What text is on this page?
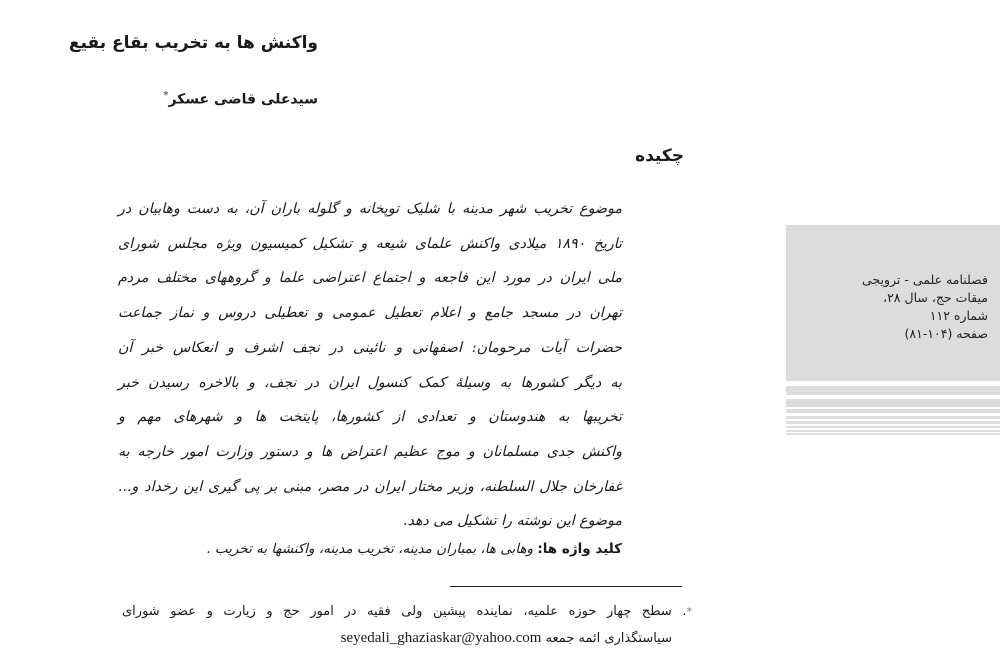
واکنش ها به تخریب بقاع بقیع
سیدعلی قاضی عسکر*
چکیده
موضوع تخریب شهر مدینه با شلیک توپخانه و گلوله باران آن، به دست وهابیان در
تاریخ ۱۸۹۰ میلادی واکنش علمای شیعه و تشکیل کمیسیون ویژه مجلس شورای
ملی ایران در مورد این فاجعه و اجتماع اعتراضی علما و گروههای مختلف مردم
تهران در مسجد جامع و اعلام تعطیل عمومی و تعطیلی دروس و نماز جماعت
حضرات آیات مرحومان: اصفهانی و نائینی در نجف اشرف و انعکاس خبر آن
به دیگر کشورها به وسیلهٔ کمک کنسول ایران در نجف، و بالاخره رسیدن خبر
تخریبها به هندوستان و تعدادی از کشورها، پایتخت ها و شهرهای مهم و
واکنش جدی مسلمانان و موج عظیم اعتراض ها و دستور وزارت امور خارجه به
غفارخان جلال السلطنه، وزیر مختار ایران در مصر، مبنی بر پی گیری این رخداد و...
موضوع این نوشته را تشکیل می دهد.
کلید واژه ها: وهابی ها، بمباران مدینه، تخریب مدینه، واکنشها به تخریب .
*. سطح چهار حوزه علمیه، نماینده پیشین ولی فقیه در امور حج و زیارت و عضو شورای
سیاستگذاری ائمه جمعه seyedali_ghaziaskar@yahoo.com
فصلنامه علمی - ترویجی
میقات حج، سال ۲۸،
شماره ۱۱۲
صفحه (۱۰۴-۸۱)
